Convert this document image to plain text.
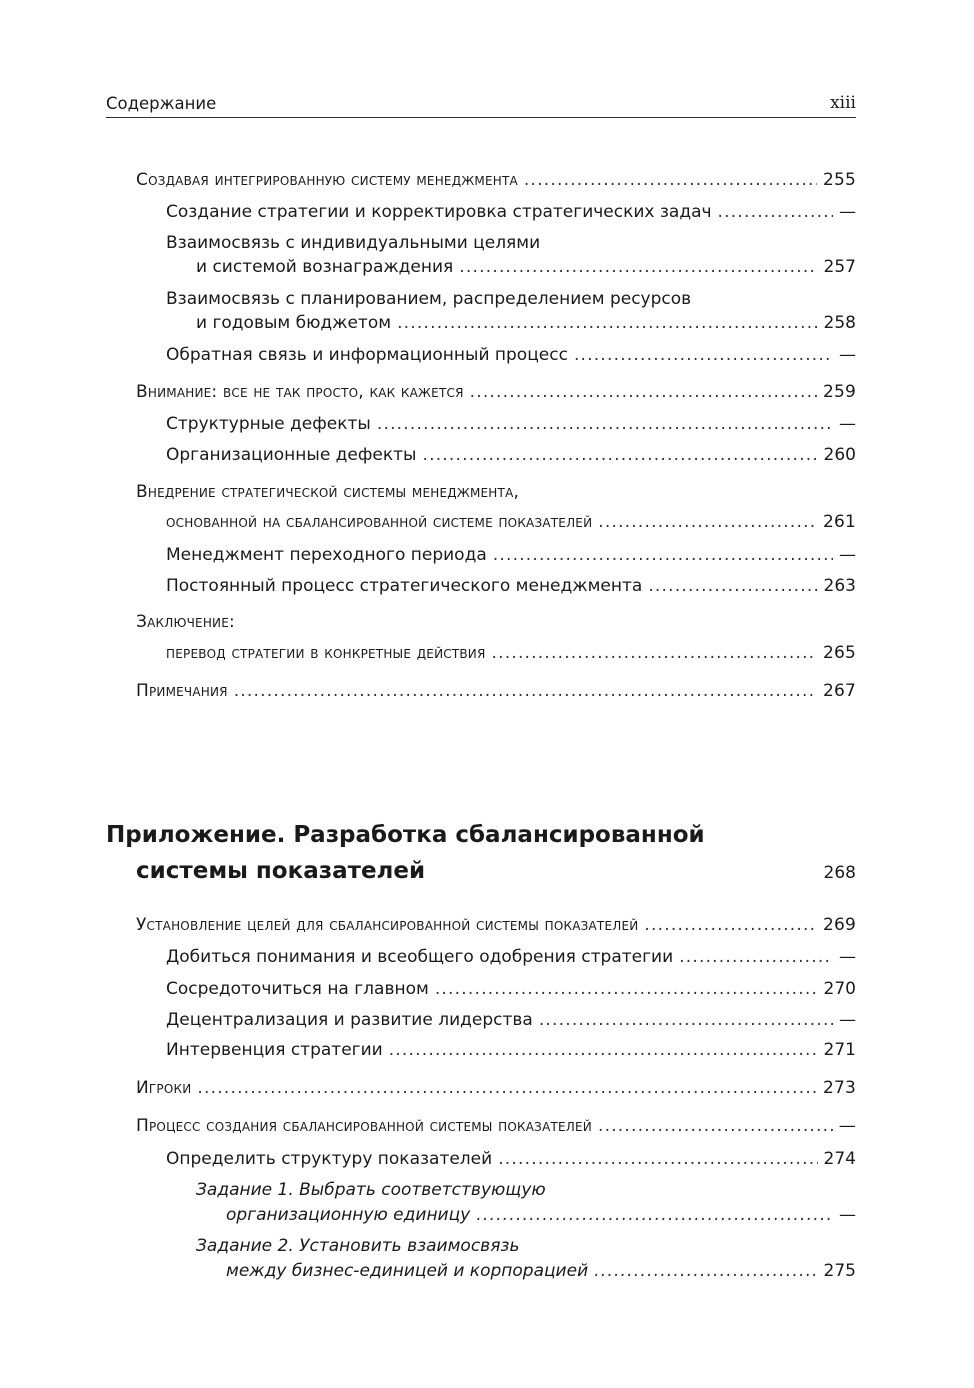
Содержание	xiii
Создавая интегрированную систему менеджмента . . .	255
Создание стратегии и корректировка стратегических задач . . .	—
Взаимосвязь с индивидуальными целями
и системой вознаграждения . . .	257
Взаимосвязь с планированием, распределением ресурсов
и годовым бюджетом . . .	258
Обратная связь и информационный процесс . . .	—
Внимание: все не так просто, как кажется . . .	259
Структурные дефекты . . .	—
Организационные дефекты . . .	260
Внедрение стратегической системы менеджмента,
основанной на сбалансированной системе показателей . . .	261
Менеджмент переходного периода . . .	—
Постоянный процесс стратегического менеджмента . . .	263
Заключение:
перевод стратегии в конкретные действия . . .	265
Примечания . . .	267
Приложение. Разработка сбалансированной
системы показателей	268
Установление целей для сбалансированной системы показателей . . .	269
Добиться понимания и всеобщего одобрения стратегии . . .	—
Сосредоточиться на главном . . .	270
Децентрализация и развитие лидерства . . .	—
Интервенция стратегии . . .	271
Игроки . . .	273
Процесс создания сбалансированной системы показателей . . .	—
Определить структуру показателей . . .	274
Задание 1. Выбрать соответствующую
организационную единицу . . .	—
Задание 2. Установить взаимосвязь
между бизнес-единицей и корпорацией . . .	275
